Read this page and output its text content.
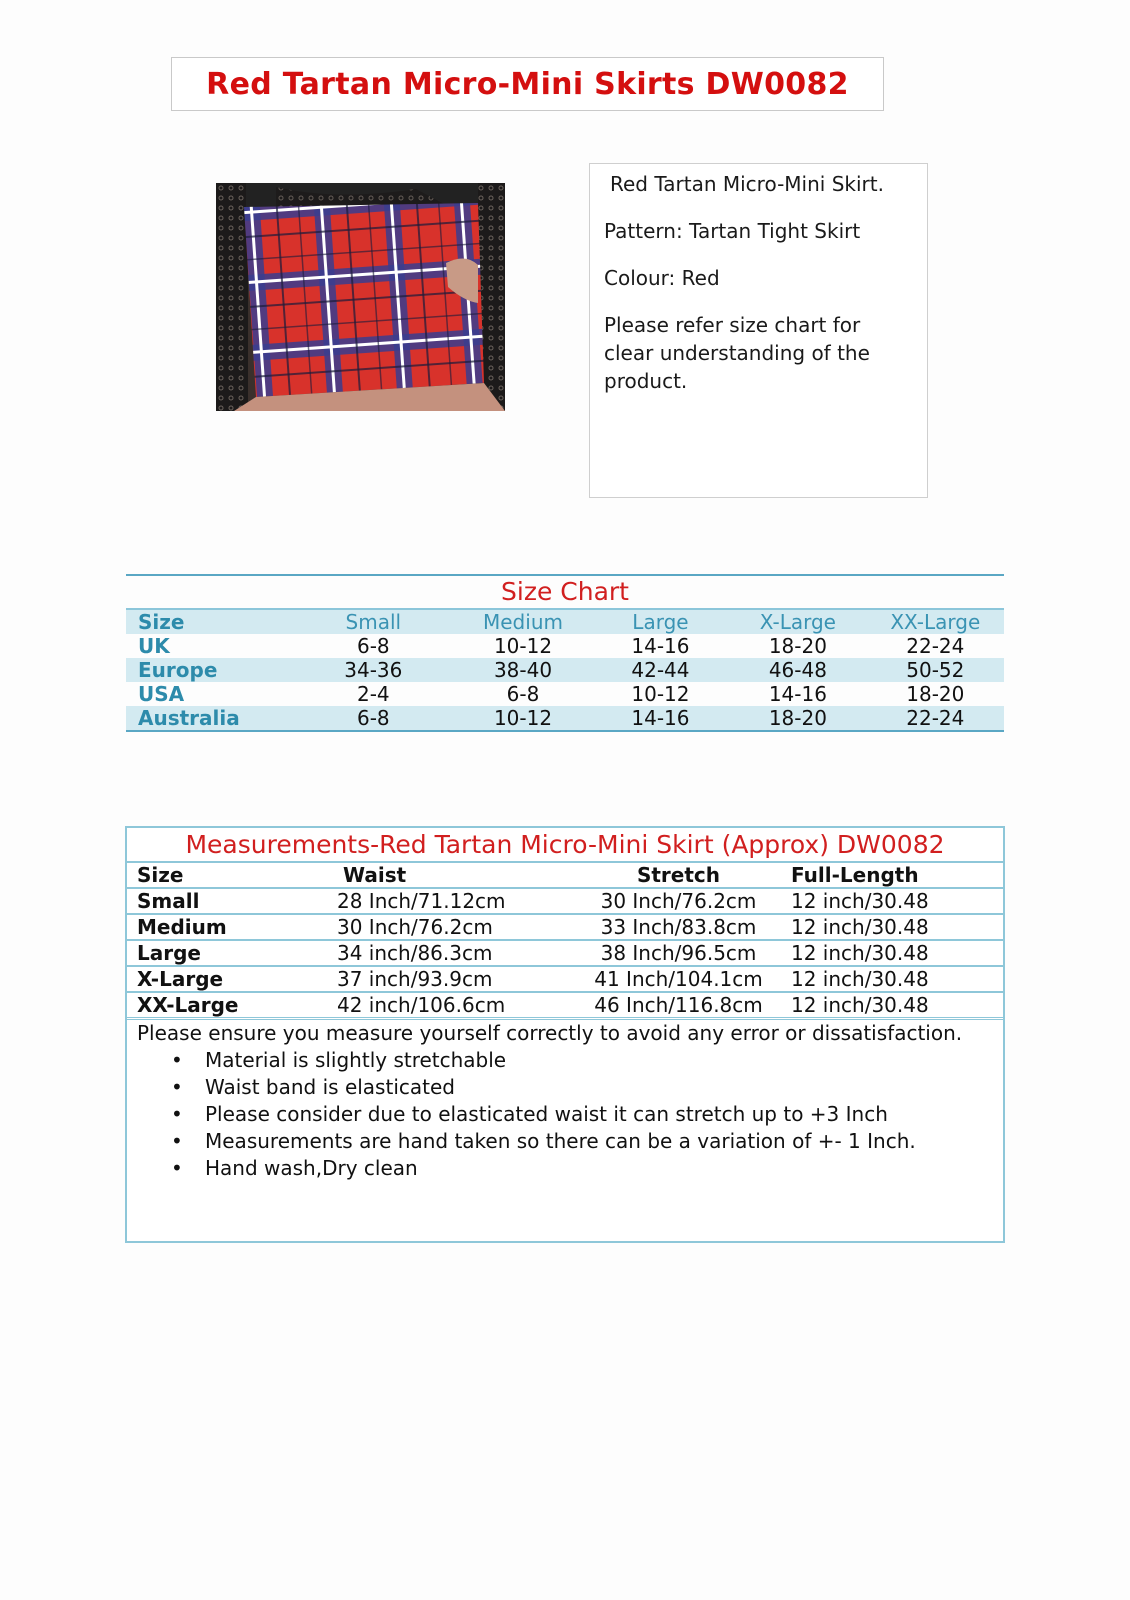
Red Tartan Micro-Mini Skirts DW0082

Red Tartan Micro-Mini Skirt.

Pattern: Tartan Tight Skirt

Colour: Red

Please refer size chart for clear understanding of the product.

Size Chart
Size	Small	Medium	Large	X-Large	XX-Large
UK	6-8	10-12	14-16	18-20	22-24
Europe	34-36	38-40	42-44	46-48	50-52
USA	2-4	6-8	10-12	14-16	18-20
Australia	6-8	10-12	14-16	18-20	22-24
Measurements-Red Tartan Micro-Mini Skirt (Approx) DW0082
Size	Waist	Stretch	Full-Length
Small	28 Inch/71.12cm	30 Inch/76.2cm	12 inch/30.48
Medium	30 Inch/76.2cm	33 Inch/83.8cm	12 inch/30.48
Large	34 inch/86.3cm	38 Inch/96.5cm	12 inch/30.48
X-Large	37 inch/93.9cm	41 Inch/104.1cm	12 inch/30.48
XX-Large	42 inch/106.6cm	46 Inch/116.8cm	12 inch/30.48

Please ensure you measure yourself correctly to avoid any error or dissatisfaction.

• Material is slightly stretchable
• Waist band is elasticated
• Please consider due to elasticated waist it can stretch up to +3 Inch
• Measurements are hand taken so there can be a variation of +- 1 Inch.
• Hand wash,Dry clean
